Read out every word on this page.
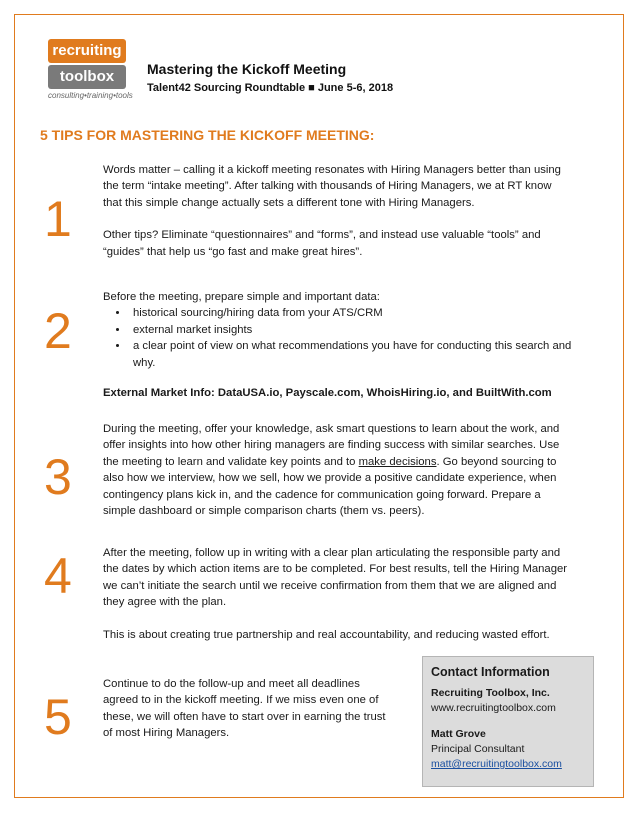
recruiting
toolbox
consulting•training•tools
Mastering the Kickoff Meeting
Talent42 Sourcing Roundtable ■ June 5-6, 2018
5 TIPS FOR MASTERING THE KICKOFF MEETING:
1

Words matter – calling it a kickoff meeting resonates with Hiring Managers better than using the term “intake meeting”. After talking with thousands of Hiring Managers, we at RT know that this simple change actually sets a different tone with Hiring Managers.

Other tips? Eliminate “questionnaires” and “forms”, and instead use valuable “tools” and “guides” that help us “go fast and make great hires”.

2

Before the meeting, prepare simple and important data:

• historical sourcing/hiring data from your ATS/CRM
• external market insights
• a clear point of view on what recommendations you have for conducting this search and why.

External Market Info: DataUSA.io, Payscale.com, WhoisHiring.io, and BuiltWith.com

3

During the meeting, offer your knowledge, ask smart questions to learn about the work, and offer insights into how other hiring managers are finding success with similar searches. Use the meeting to learn and validate key points and to make decisions. Go beyond sourcing to also how we interview, how we sell, how we provide a positive candidate experience, when contingency plans kick in, and the cadence for communication going forward. Prepare a simple dashboard or simple comparison charts (them vs. peers).

4	After the meeting, follow up in writing with a clear plan articulating the responsible party and the dates by which action items are to be completed. For best results, tell the Hiring Manager we can’t initiate the search until we receive confirmation from them that we are aligned and they agree with the plan.

This is about creating true partnership and real accountability, and reducing wasted effort.

5

Continue to do the follow-up and meet all deadlines agreed to in the kickoff meeting. If we miss even one of these, we will often have to start over in earning the trust of most Hiring Managers.

Contact Information
Recruiting Toolbox, Inc.
www.recruitingtoolbox.com
Matt Grove
Principal Consultant
matt@recruitingtoolbox.com
